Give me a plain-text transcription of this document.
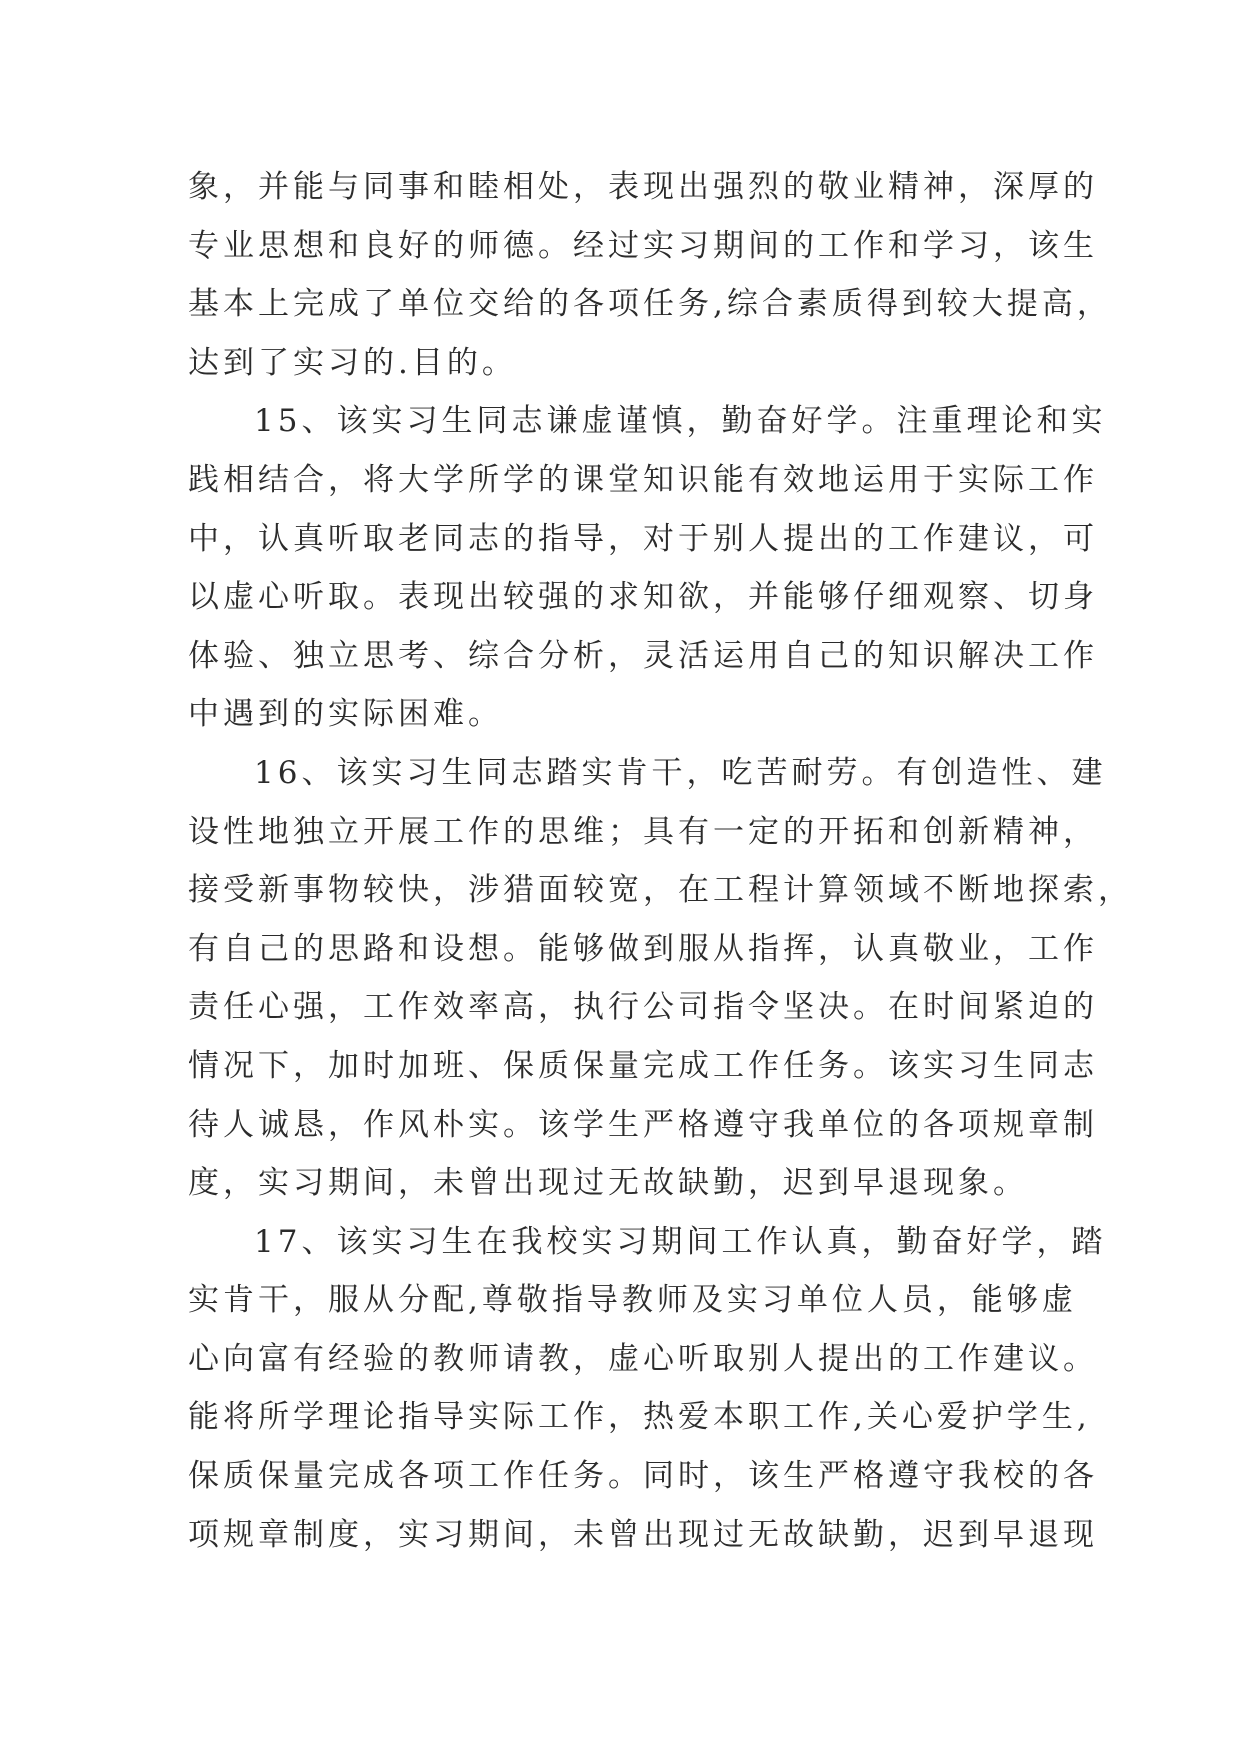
象，并能与同事和睦相处，表现出强烈的敬业精神，深厚的

专业思想和良好的师德。经过实习期间的工作和学习，该生

基本上完成了单位交给的各项任务,综合素质得到较大提高，

达到了实习的.目的。

15、该实习生同志谦虚谨慎，勤奋好学。注重理论和实

践相结合，将大学所学的课堂知识能有效地运用于实际工作

中，认真听取老同志的指导，对于别人提出的工作建议，可

以虚心听取。表现出较强的求知欲，并能够仔细观察、切身

体验、独立思考、综合分析，灵活运用自己的知识解决工作

中遇到的实际困难。

16、该实习生同志踏实肯干，吃苦耐劳。有创造性、建

设性地独立开展工作的思维；具有一定的开拓和创新精神，

接受新事物较快，涉猎面较宽，在工程计算领域不断地探索，

有自己的思路和设想。能够做到服从指挥，认真敬业，工作

责任心强，工作效率高，执行公司指令坚决。在时间紧迫的

情况下，加时加班、保质保量完成工作任务。该实习生同志

待人诚恳，作风朴实。该学生严格遵守我单位的各项规章制

度，实习期间，未曾出现过无故缺勤，迟到早退现象。

17、该实习生在我校实习期间工作认真，勤奋好学，踏

实肯干，服从分配,尊敬指导教师及实习单位人员，能够虚

心向富有经验的教师请教，虚心听取别人提出的工作建议。

能将所学理论指导实际工作，热爱本职工作,关心爱护学生,

保质保量完成各项工作任务。同时，该生严格遵守我校的各

项规章制度，实习期间，未曾出现过无故缺勤，迟到早退现
